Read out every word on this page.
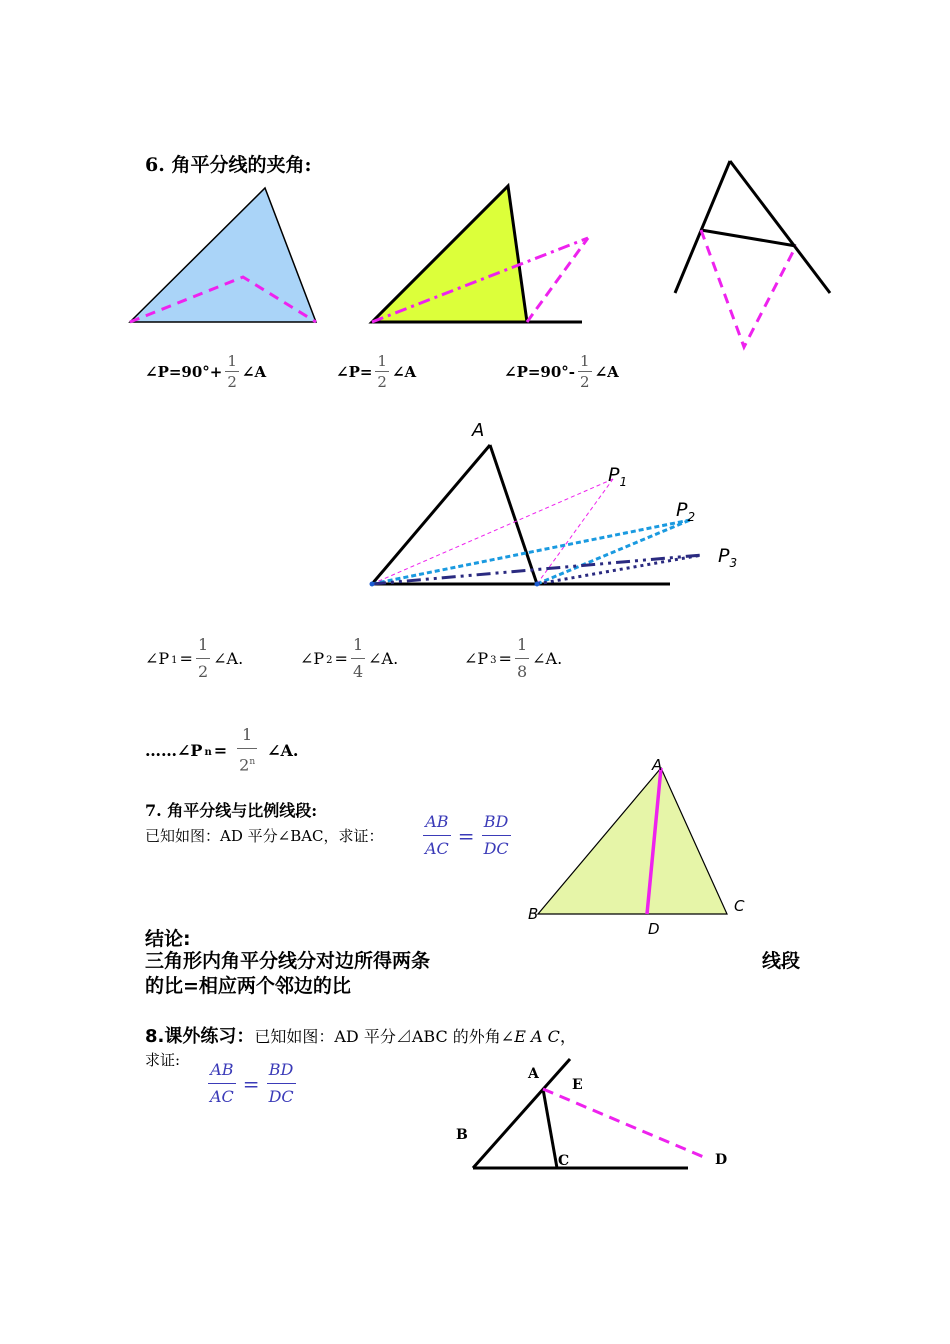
6. 角平分线的夹角:
∠P=90°+ $\frac{1}{2}$ ∠A	∠P= $\frac{1}{2}$ ∠A	∠P=90°- $\frac{1}{2}$ ∠A
A
$P_1$
$P_2$
$P_3$
∠P $1 = \frac{1}{2}$ ∠A.	∠P $2 = \frac{1}{4}$ ∠A.	∠P $3 = \frac{1}{8}$ ∠A.
……∠P $n = \frac{1}{2^n}$ ∠A.
7. 角平分线与比例线段:
已知如图：AD 平分∠BAC，求证： $\frac{AB}{AC} = \frac{BD}{DC}$
A
B	C
D
结论:
三角形内角平分线分对边所得两条	线段
的比=相应两个邻边的比
8.课外练习：已知如图：AD 平分⊿ABC 的外角∠E A C，
求证: $\frac{AB}{AC} = \frac{BD}{DC}$	A
E
B
C	D
